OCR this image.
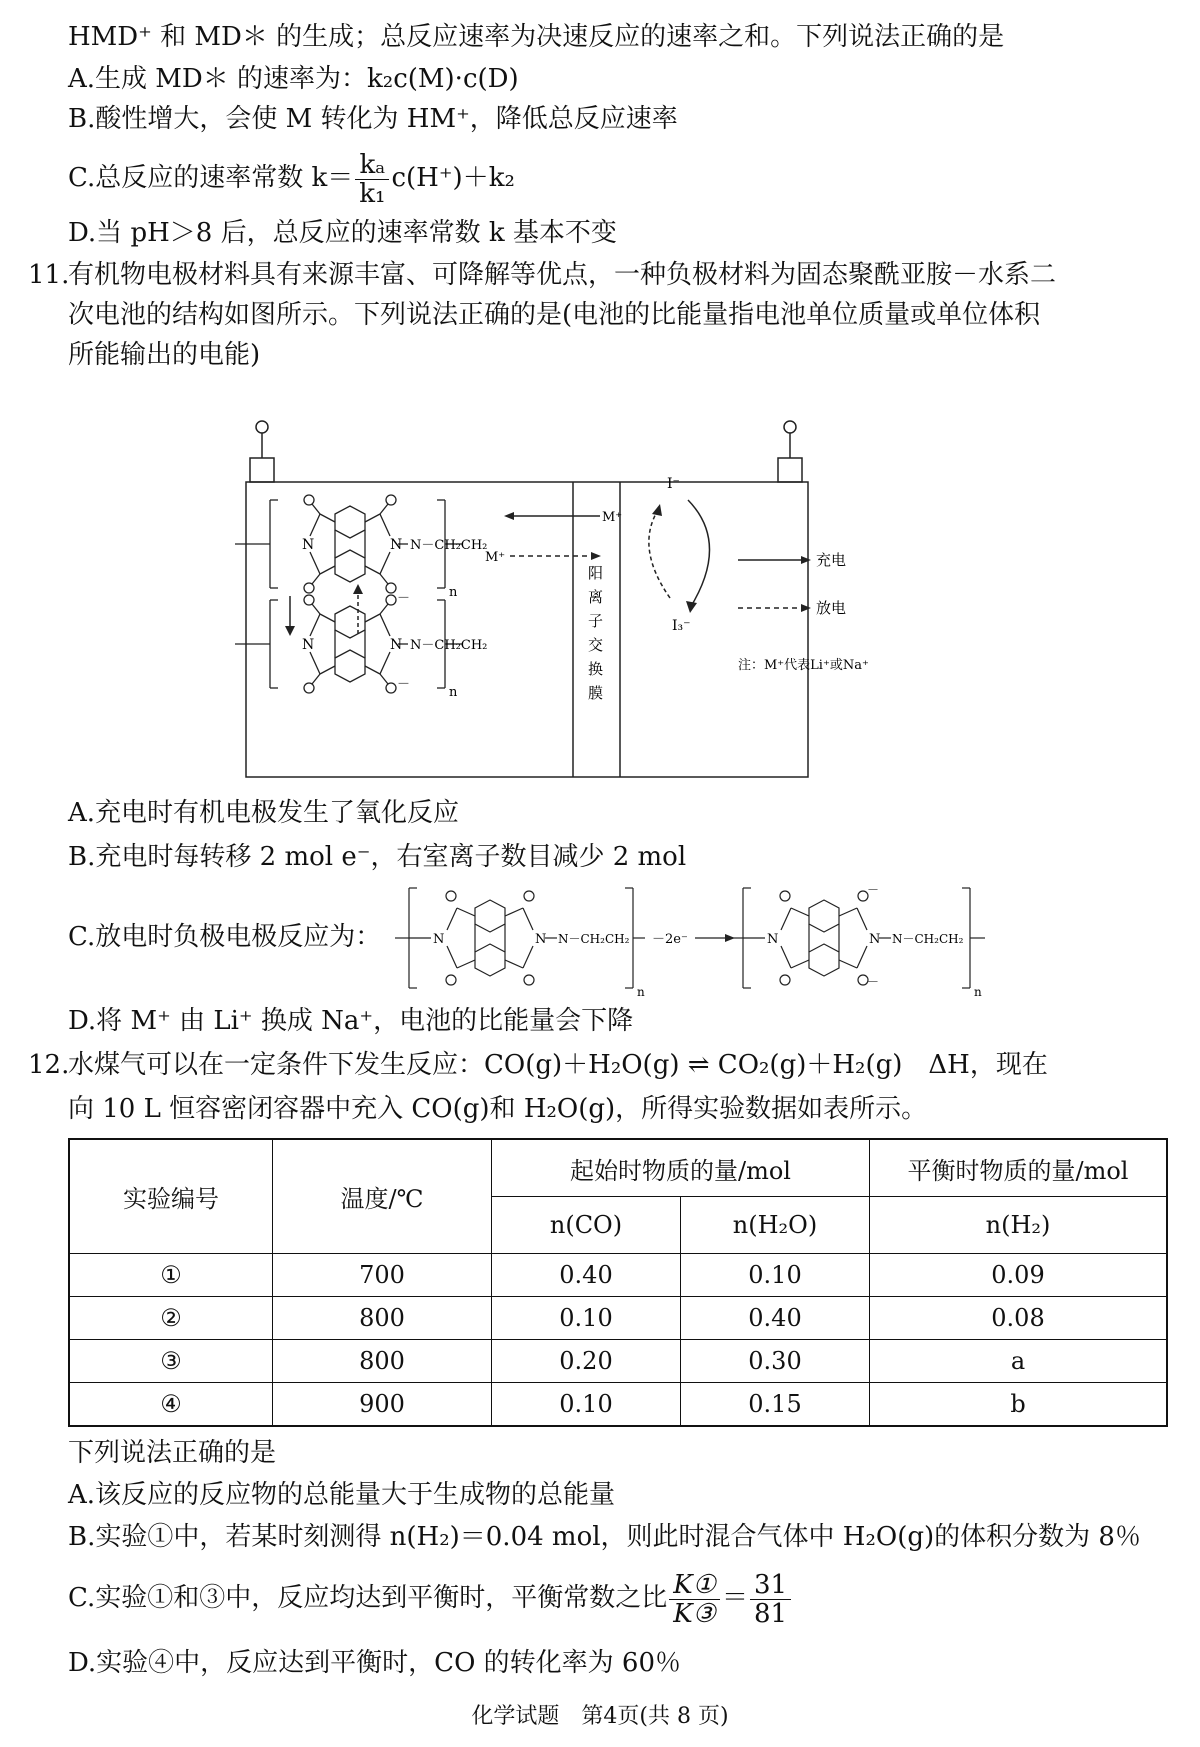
HMD⁺ 和 MD＊ 的生成；总反应速率为决速反应的速率之和。下列说法正确的是
A.生成 MD＊ 的速率为：k₂c(M)·c(D)
B.酸性增大，会使 M 转化为 HM⁺，降低总反应速率
C.总反应的速率常数 $k= \frac{\text{kₐ}}{\text{k₁}} c(H^+)+k_2$
D.当 pH＞8 后，总反应的速率常数 k 基本不变
11.
有机物电极材料具有来源丰富、可降解等优点，一种负极材料为固态聚酰亚胺－水系二
次电池的结构如图所示。下列说法正确的是(电池的比能量指电池单位质量或单位体积
所能输出的电能)
N	N N－CH₂CH₂
n
－
－
N	N N－CH₂CH₂
n
M⁺
M⁺
阳
离
子
交
换
膜
I⁻
I₃⁻
充电
放电
注：M⁺代表Li⁺或Na⁺
A.充电时有机电极发生了氧化反应
B.充电时每转移 2 mol e⁻，右室离子数目减少 2 mol
C.放电时负极电极反应为：	N	N N－CH₂CH₂
n
－2e⁻	N	N N－CH₂CH₂
n
－
－
D.将 M⁺ 由 Li⁺ 换成 Na⁺，电池的比能量会下降
12.
水煤气可以在一定条件下发生反应：CO(g)＋H₂O(g) ⇌ CO₂(g)＋H₂(g)　ΔH，现在
向 10 L 恒容密闭容器中充入 CO(g)和 H₂O(g)，所得实验数据如表所示。
实验编号	温度/℃	起始时物质的量/mol		平衡时物质的量/mol
		n(CO)	n(H₂O)	n(H₂)
①	700	0.40	0.10	0.09
②	800	0.10	0.40	0.08
③	800	0.20	0.30	a
④	900	0.10	0.15	b
下列说法正确的是
A.该反应的反应物的总能量大于生成物的总能量
B.实验①中，若某时刻测得 n(H₂)＝0.04 mol，则此时混合气体中 H₂O(g)的体积分数为 8％
C.实验①和③中，反应均达到平衡时，平衡常数之比 $\frac{\text{K①}}{\text{K③}} = \frac{31}{81}$
D.实验④中，反应达到平衡时，CO 的转化率为 60％
化学试题　第4页(共 8 页)
